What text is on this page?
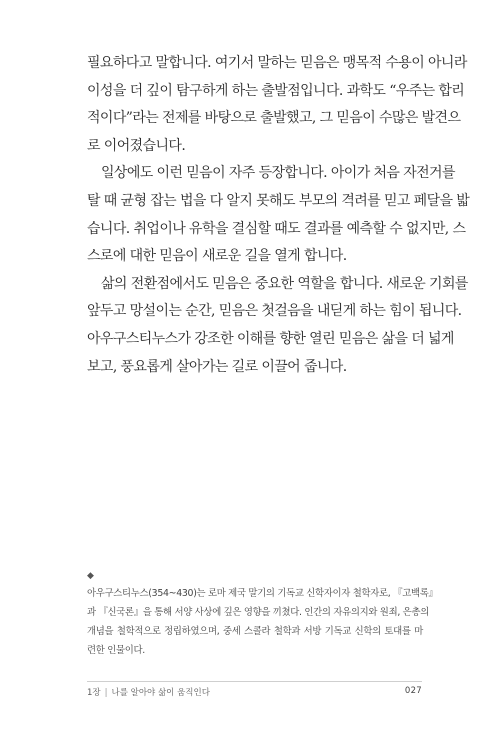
필요하다고 말합니다. 여기서 말하는 믿음은 맹목적 수용이 아니라
이성을 더 깊이 탐구하게 하는 출발점입니다. 과학도 “우주는 합리
적이다”라는 전제를 바탕으로 출발했고, 그 믿음이 수많은 발견으
로 이어졌습니다.
일상에도 이런 믿음이 자주 등장합니다. 아이가 처음 자전거를
탈 때 균형 잡는 법을 다 알지 못해도 부모의 격려를 믿고 페달을 밟
습니다. 취업이나 유학을 결심할 때도 결과를 예측할 수 없지만, 스
스로에 대한 믿음이 새로운 길을 열게 합니다.
삶의 전환점에서도 믿음은 중요한 역할을 합니다. 새로운 기회를
앞두고 망설이는 순간, 믿음은 첫걸음을 내딛게 하는 힘이 됩니다.
아우구스티누스가 강조한 이해를 향한 열린 믿음은 삶을 더 넓게
보고, 풍요롭게 살아가는 길로 이끌어 줍니다.
◆
아우구스티누스(354~430)는 로마 제국 말기의 기독교 신학자이자 철학자로, 『고백록』
과 『신국론』을 통해 서양 사상에 깊은 영향을 끼쳤다. 인간의 자유의지와 원죄, 은총의
개념을 철학적으로 정립하였으며, 중세 스콜라 철학과 서방 기독교 신학의 토대를 마
련한 인물이다.
1장 | 나를 알아야 삶이 움직인다	027
